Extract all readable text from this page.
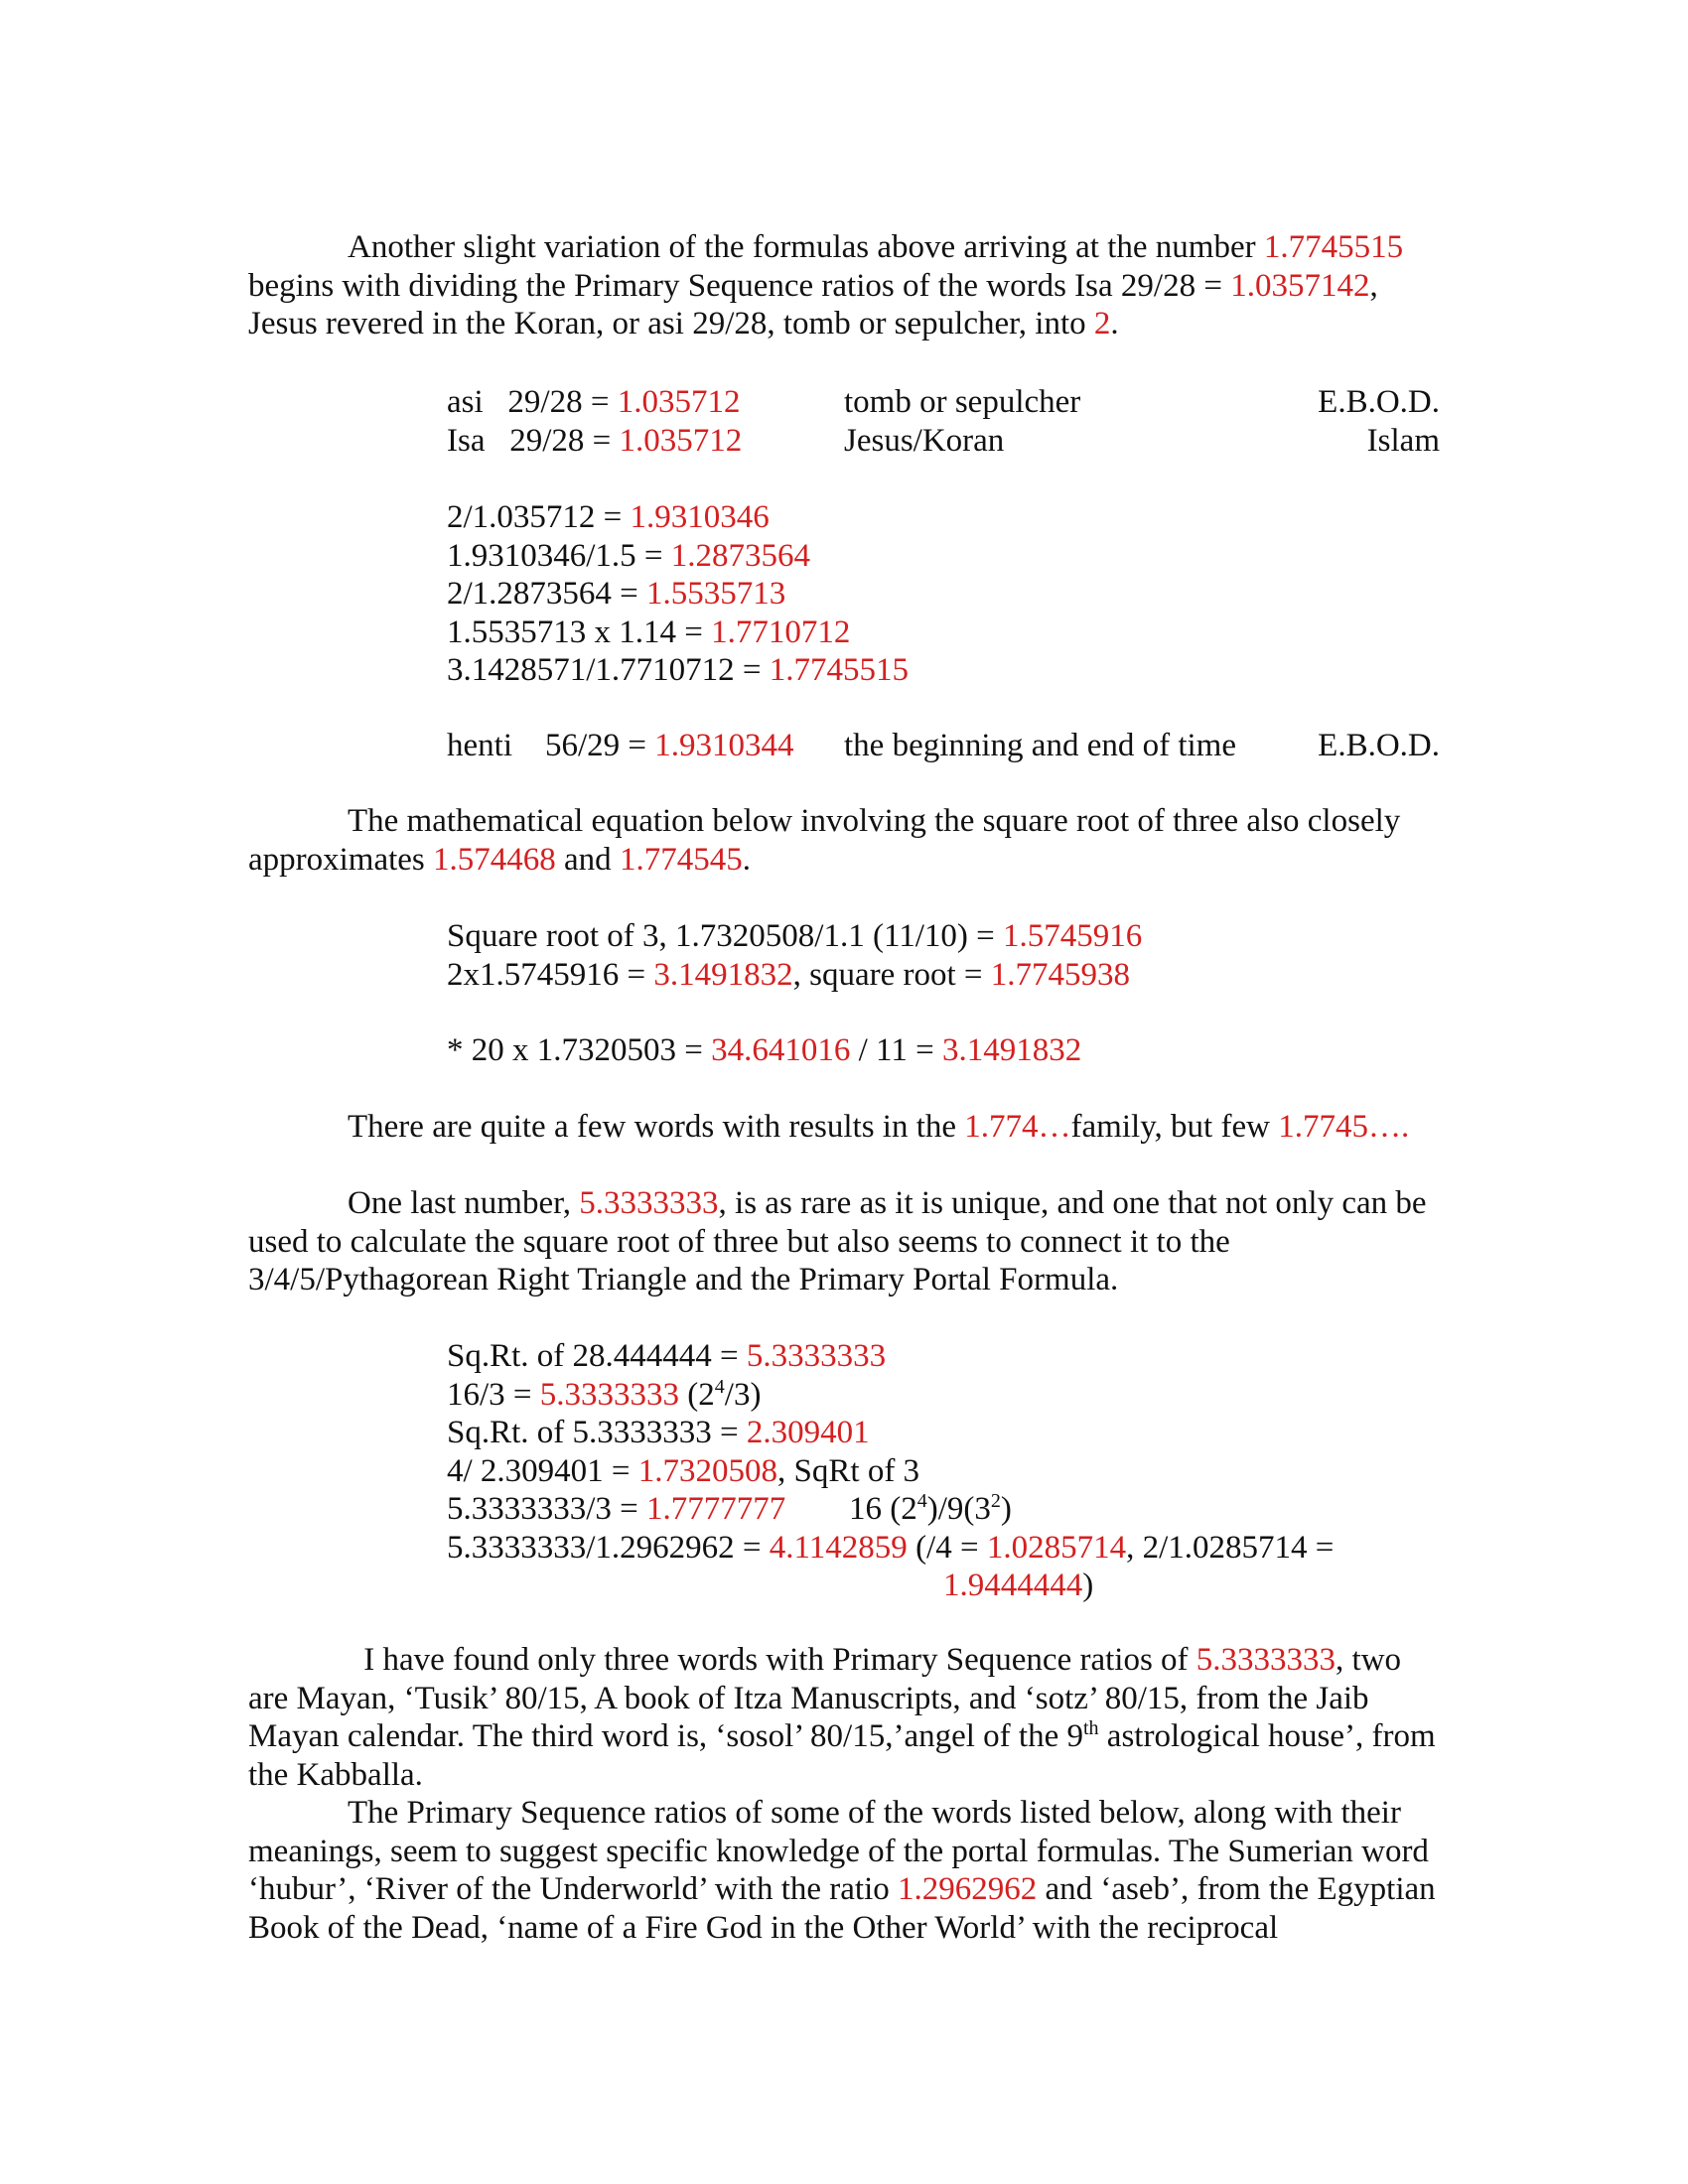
Another slight variation of the formulas above arriving at the number 1.7745515 begins with dividing the Primary Sequence ratios of the words Isa 29/28 = 1.0357142, Jesus revered in the Koran, or asi 29/28, tomb or sepulcher, into 2.

asi   29/28 = 1.035712	tomb or sepulcher	E.B.O.D.
Isa   29/28 = 1.035712	Jesus/Koran	Islam
2/1.035712 = 1.9310346
1.9310346/1.5 = 1.2873564
2/1.2873564 = 1.5535713
1.5535713 x 1.14 = 1.7710712
3.1428571/1.7710712 = 1.7745515
henti    56/29 = 1.9310344 the beginning and end of time E.B.O.D.

The mathematical equation below involving the square root of three also closely approximates 1.574468 and 1.774545.

Square root of 3, 1.7320508/1.1 (11/10) = 1.5745916
2x1.5745916 = 3.1491832, square root = 1.7745938
* 20 x 1.7320503 = 34.641016 / 11 = 3.1491832

There are quite a few words with results in the 1.774…family, but few 1.7745….

One last number, 5.3333333, is as rare as it is unique, and one that not only can be used to calculate the square root of three but also seems to connect it to the 3/4/5/Pythagorean Right Triangle and the Primary Portal Formula.

Sq.Rt. of 28.444444 = 5.3333333
16/3 = 5.3333333 $(2^4/3)$
Sq.Rt. of 5.3333333 = 2.309401
4/ 2.309401 = 1.7320508, SqRt of 3
5.3333333/3 = 1.7777777 16 $(2^4)/9(3^2)$
5.3333333/1.2962962 = 4.1142859 (/4 = 1.0285714, 2/1.0285714 =
1.9444444)

I have found only three words with Primary Sequence ratios of 5.3333333, two are Mayan, ‘Tusik’ 80/15, A book of Itza Manuscripts, and ‘sotz’ 80/15, from the Jaib Mayan calendar. The third word is, ‘sosol’ 80/15,’angel of the 9th astrological house’, from the Kabballa.

The Primary Sequence ratios of some of the words listed below, along with their meanings, seem to suggest specific knowledge of the portal formulas. The Sumerian word ‘hubur’, ‘River of the Underworld’ with the ratio 1.2962962 and ‘aseb’, from the Egyptian Book of the Dead, ‘name of a Fire God in the Other World’ with the reciprocal
